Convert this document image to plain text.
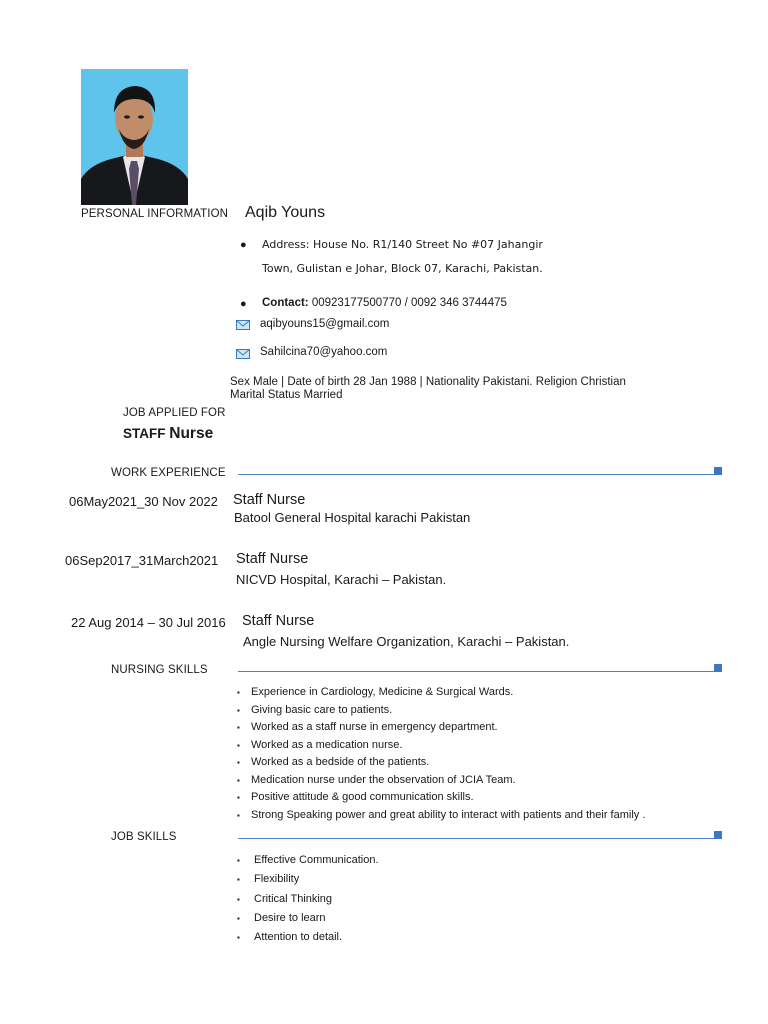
PERSONAL INFORMATION Aqib Youns
● Address: House No. R1/140 Street No #07 Jahangir
Town, Gulistan e Johar, Block 07, Karachi, Pakistan.
● Contact: 00923177500770 / 0092 346 3744475
aqibyouns15@gmail.com
Sahilcina70@yahoo.com
Sex Male | Date of birth 28 Jan 1988 | Nationality Pakistani. Religion Christian
Marital Status Married
JOB APPLIED FOR
STAFF Nurse
WORK EXPERIENCE
06May2021_30 Nov 2022 Staff Nurse
Batool General Hospital karachi Pakistan
06Sep2017_31March2021 Staff Nurse
NICVD Hospital, Karachi – Pakistan.
22 Aug 2014 – 30 Jul 2016 Staff Nurse
Angle Nursing Welfare Organization, Karachi – Pakistan.
NURSING SKILLS
▪ Experience in Cardiology, Medicine & Surgical Wards.
▪ Giving basic care to patients.
▪ Worked as a staff nurse in emergency department.
▪ Worked as a medication nurse.
▪ Worked as a bedside of the patients.
▪ Medication nurse under the observation of JCIA Team.
▪ Positive attitude & good communication skills.
▪ Strong Speaking power and great ability to interact with patients and their family .
JOB SKILLS
▪ Effective Communication.
▪ Flexibility
▪ Critical Thinking
▪ Desire to learn
▪ Attention to detail.
